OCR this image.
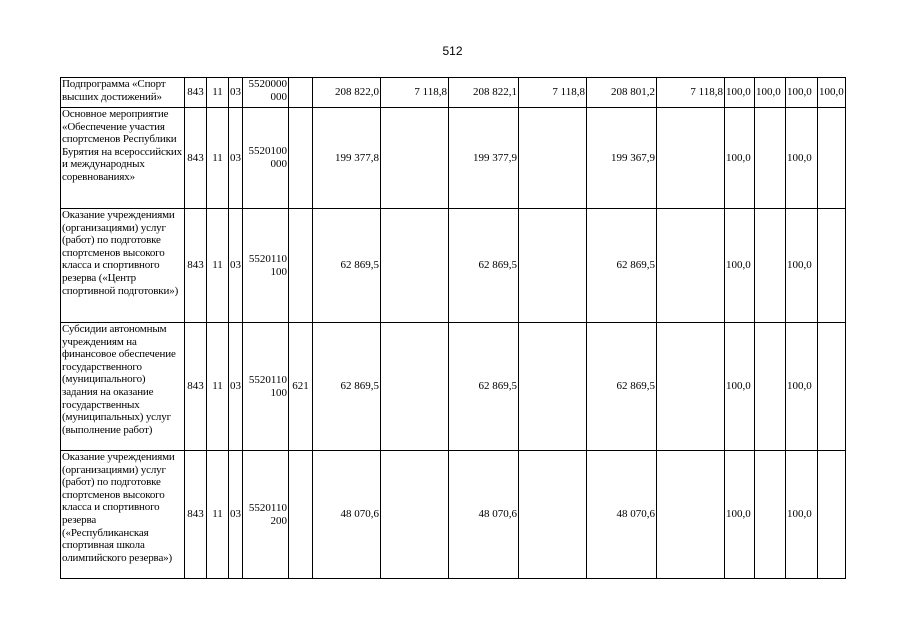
512
Подпрограмма «Спорт высших достижений»	843	11	03	5520000000		208 822,0	7 118,8	208 822,1	7 118,8	208 801,2	7 118,8	100,0	100,0	100,0	100,0
Основное мероприятие «Обеспечение участия спортсменов Республики Бурятия на всероссийских и международных соревнованиях»	843	11	03	5520100000		199 377,8		199 377,9		199 367,9		100,0		100,0	
Оказание учреждениями (организациями) услуг (работ) по подготовке спортсменов высокого класса и спортивного резерва («Центр спортивной подготовки»)	843	11	03	5520110100		62 869,5		62 869,5		62 869,5		100,0		100,0	
Субсидии автономным учреждениям на финансовое обеспечение государственного (муниципального) задания на оказание государственных (муниципальных) услуг (выполнение работ)	843	11	03	5520110100	621	62 869,5		62 869,5		62 869,5		100,0		100,0	
Оказание учреждениями (организациями) услуг (работ) по подготовке спортсменов высокого класса и спортивного резерва («Республиканская спортивная школа олимпийского резерва»)	843	11	03	5520110200		48 070,6		48 070,6		48 070,6		100,0		100,0	
